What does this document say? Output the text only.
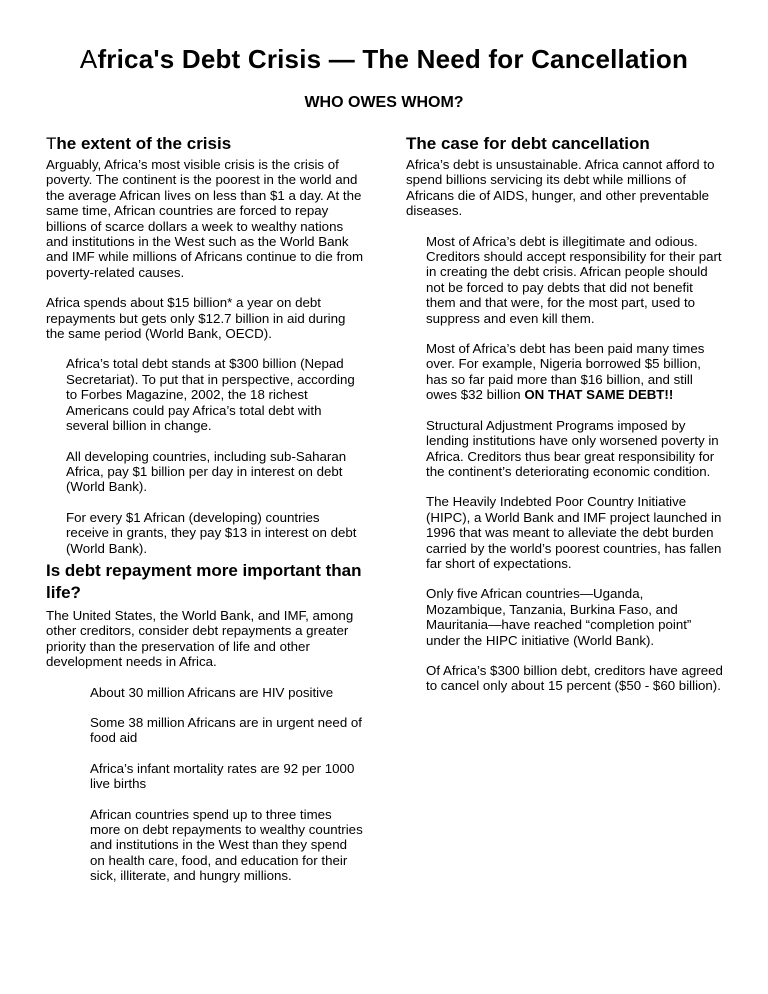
Africa's Debt Crisis — The Need for Cancellation
WHO OWES WHOM?
The extent of the crisis

Arguably, Africa’s most visible crisis is the crisis of poverty. The continent is the poorest in the world and the average African lives on less than $1 a day. At the same time, African countries are forced to repay billions of scarce dollars a week to wealthy nations and institutions in the West such as the World Bank and IMF while millions of Africans continue to die from poverty-related causes.

Africa spends about $15 billion* a year on debt repayments but gets only $12.7 billion in aid during the same period (World Bank, OECD).

Africa’s total debt stands at $300 billion (Nepad Secretariat). To put that in perspective, according to Forbes Magazine, 2002, the 18 richest Americans could pay Africa’s total debt with several billion in change.

All developing countries, including sub-Saharan Africa, pay $1 billion per day in interest on debt (World Bank).

For every $1 African (developing) countries receive in grants, they pay $13 in interest on debt (World Bank).

Is debt repayment more important than life?

The United States, the World Bank, and IMF, among other creditors, consider debt repayments a greater priority than the preservation of life and other development needs in Africa.

About 30 million Africans are HIV positive

Some 38 million Africans are in urgent need of food aid

Africa’s infant mortality rates are 92 per 1000 live births

African countries spend up to three times more on debt repayments to wealthy countries and institutions in the West than they spend on health care, food, and education for their sick, illiterate, and hungry millions.

The case for debt cancellation

Africa’s debt is unsustainable. Africa cannot afford to spend billions servicing its debt while millions of Africans die of AIDS, hunger, and other preventable diseases.

Most of Africa’s debt is illegitimate and odious. Creditors should accept responsibility for their part in creating the debt crisis. African people should not be forced to pay debts that did not benefit them and that were, for the most part, used to suppress and even kill them.

Most of Africa’s debt has been paid many times over. For example, Nigeria borrowed $5 billion, has so far paid more than $16 billion, and still owes $32 billion ON THAT SAME DEBT!!

Structural Adjustment Programs imposed by lending institutions have only worsened poverty in Africa. Creditors thus bear great responsibility for the continent’s deteriorating economic condition.

The Heavily Indebted Poor Country Initiative (HIPC), a World Bank and IMF project launched in 1996 that was meant to alleviate the debt burden carried by the world’s poorest countries, has fallen far short of expectations.

Only five African countries—Uganda, Mozambique, Tanzania, Burkina Faso, and Mauritania—have reached “completion point” under the HIPC initiative (World Bank).

Of Africa’s $300 billion debt, creditors have agreed to cancel only about 15 percent ($50 - $60 billion).
